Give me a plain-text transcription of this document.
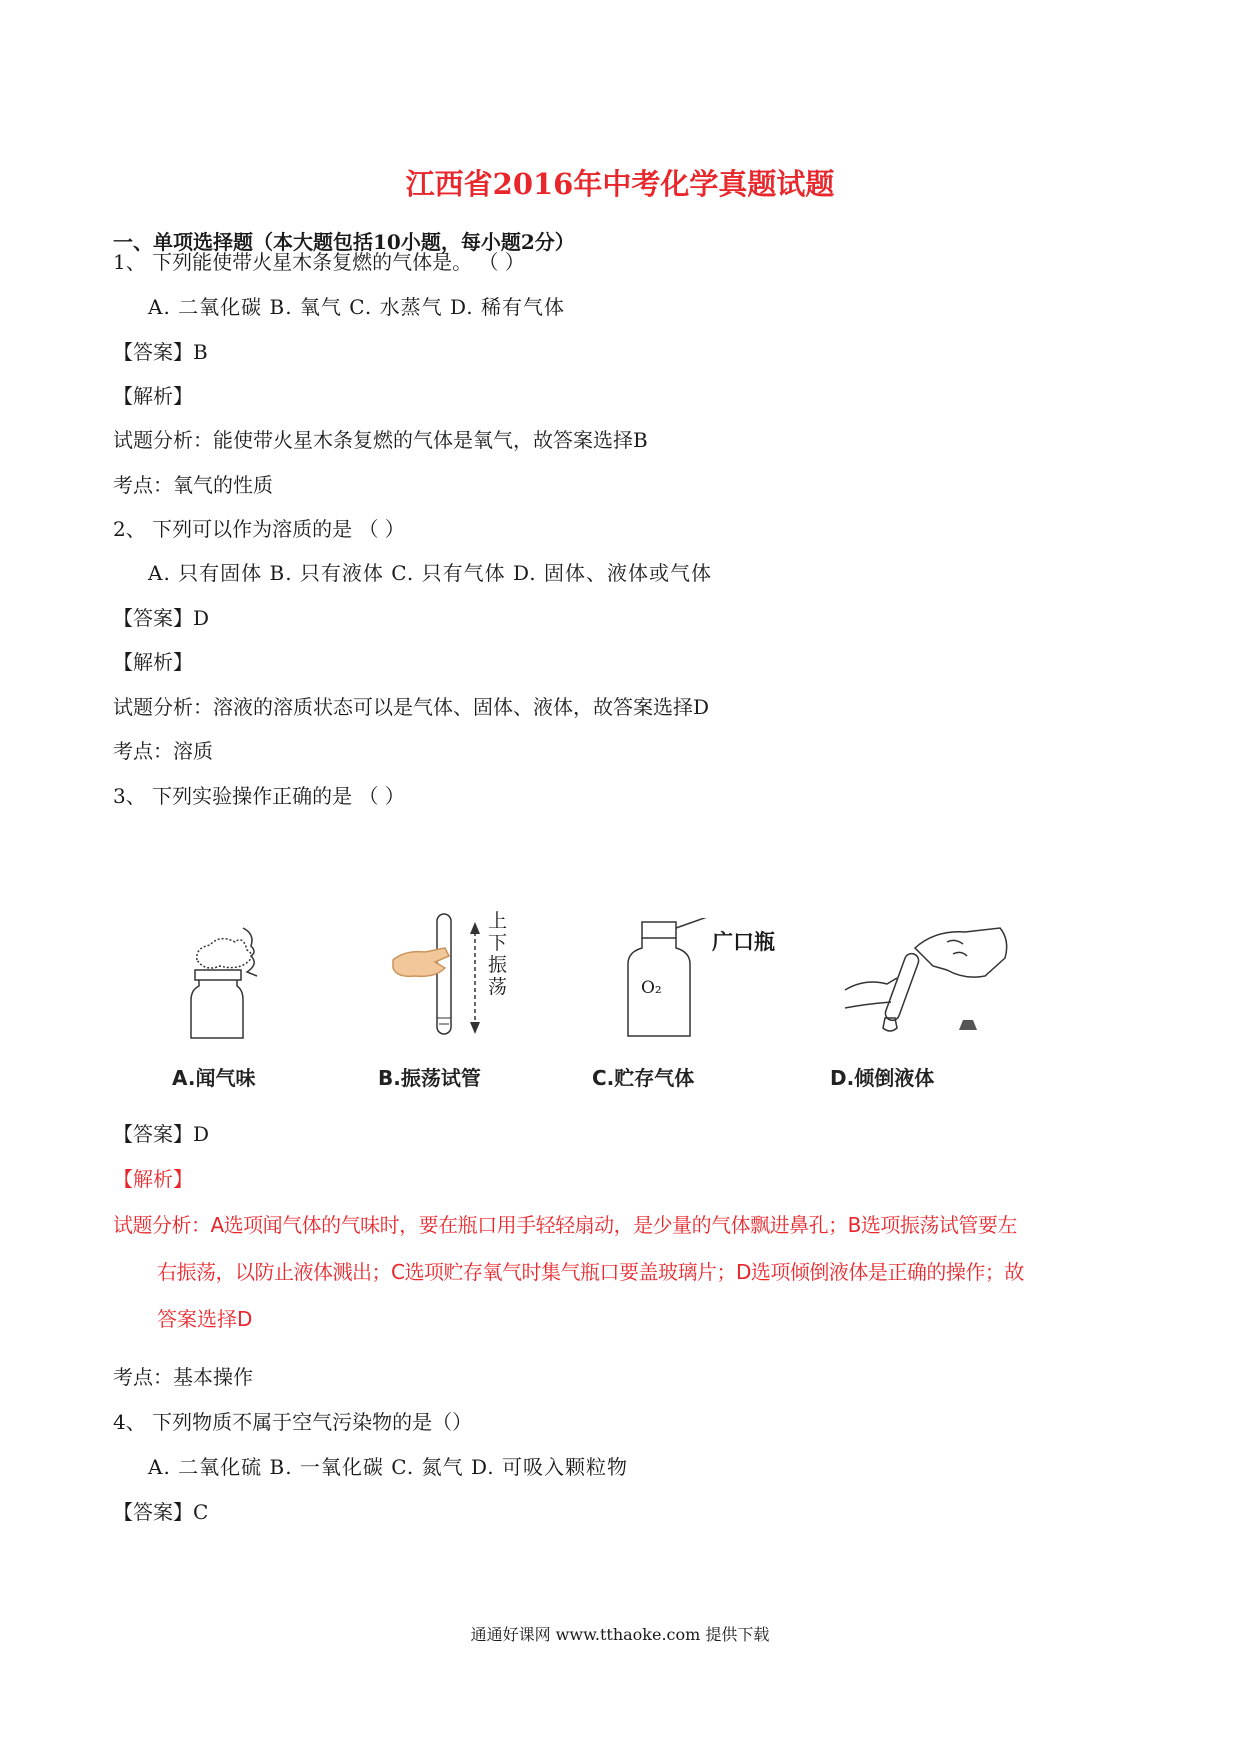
江西省2016年中考化学真题试题
一、单项选择题（本大题包括10小题，每小题2分）
1、 下列能使带火星木条复燃的气体是。 （ ）
A. 二氧化碳 B. 氧气 C. 水蒸气 D. 稀有气体
【答案】B
【解析】
试题分析：能使带火星木条复燃的气体是氧气，故答案选择B
考点：氧气的性质
2、 下列可以作为溶质的是 （ ）
A. 只有固体 B. 只有液体 C. 只有气体 D. 固体、液体或气体
【答案】D
【解析】
试题分析：溶液的溶质状态可以是气体、固体、液体，故答案选择D
考点：溶质
3、 下列实验操作正确的是 （ ）
A.闻气味
上下振荡
B.振荡试管
O₂
广口瓶
C.贮存气体	D.倾倒液体
【答案】D
【解析】
试题分析：A选项闻气体的气味时，要在瓶口用手轻轻扇动，是少量的气体飘进鼻孔；B选项振荡试管要左
右振荡，以防止液体溅出；C选项贮存氧气时集气瓶口要盖玻璃片；D选项倾倒液体是正确的操作；故
答案选择D
考点：基本操作
4、 下列物质不属于空气污染物的是（）
A. 二氧化硫 B. 一氧化碳 C. 氮气 D. 可吸入颗粒物
【答案】C
通通好课网 www.tthaoke.com 提供下载
